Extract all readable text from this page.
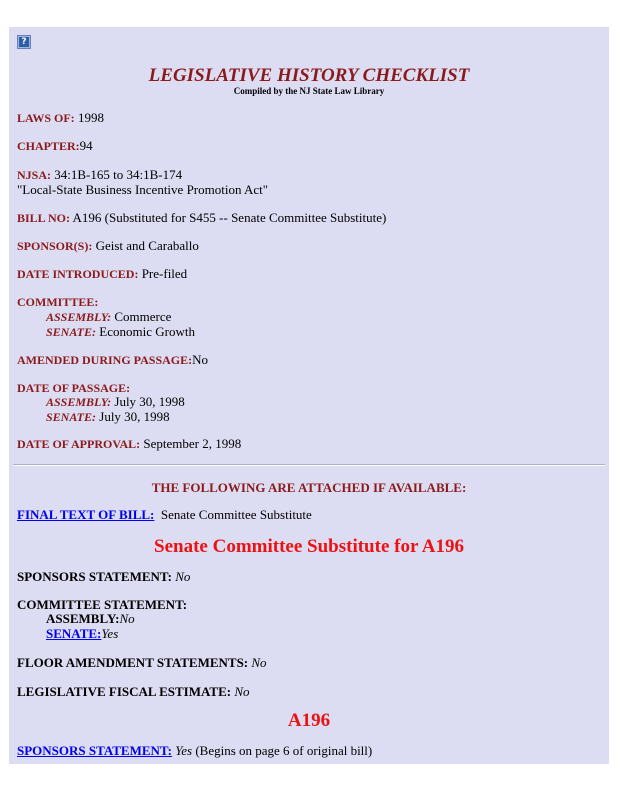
?
LEGISLATIVE HISTORY CHECKLIST
Compiled by the NJ State Law Library
LAWS OF: 1998
CHAPTER:94
NJSA: 34:1B-165 to 34:1B-174
"Local-State Business Incentive Promotion Act"
BILL NO: A196 (Substituted for S455 -- Senate Committee Substitute)
SPONSOR(S): Geist and Caraballo
DATE INTRODUCED: Pre-filed
COMMITTEE:
ASSEMBLY: Commerce
SENATE: Economic Growth
AMENDED DURING PASSAGE:No
DATE OF PASSAGE:
ASSEMBLY: July 30, 1998
SENATE: July 30, 1998
DATE OF APPROVAL: September 2, 1998
THE FOLLOWING ARE ATTACHED IF AVAILABLE:
FINAL TEXT OF BILL:  Senate Committee Substitute
Senate Committee Substitute for A196
SPONSORS STATEMENT: No
COMMITTEE STATEMENT:
ASSEMBLY:No
SENATE:Yes
FLOOR AMENDMENT STATEMENTS: No
LEGISLATIVE FISCAL ESTIMATE: No
A196
SPONSORS STATEMENT: Yes (Begins on page 6 of original bill)
